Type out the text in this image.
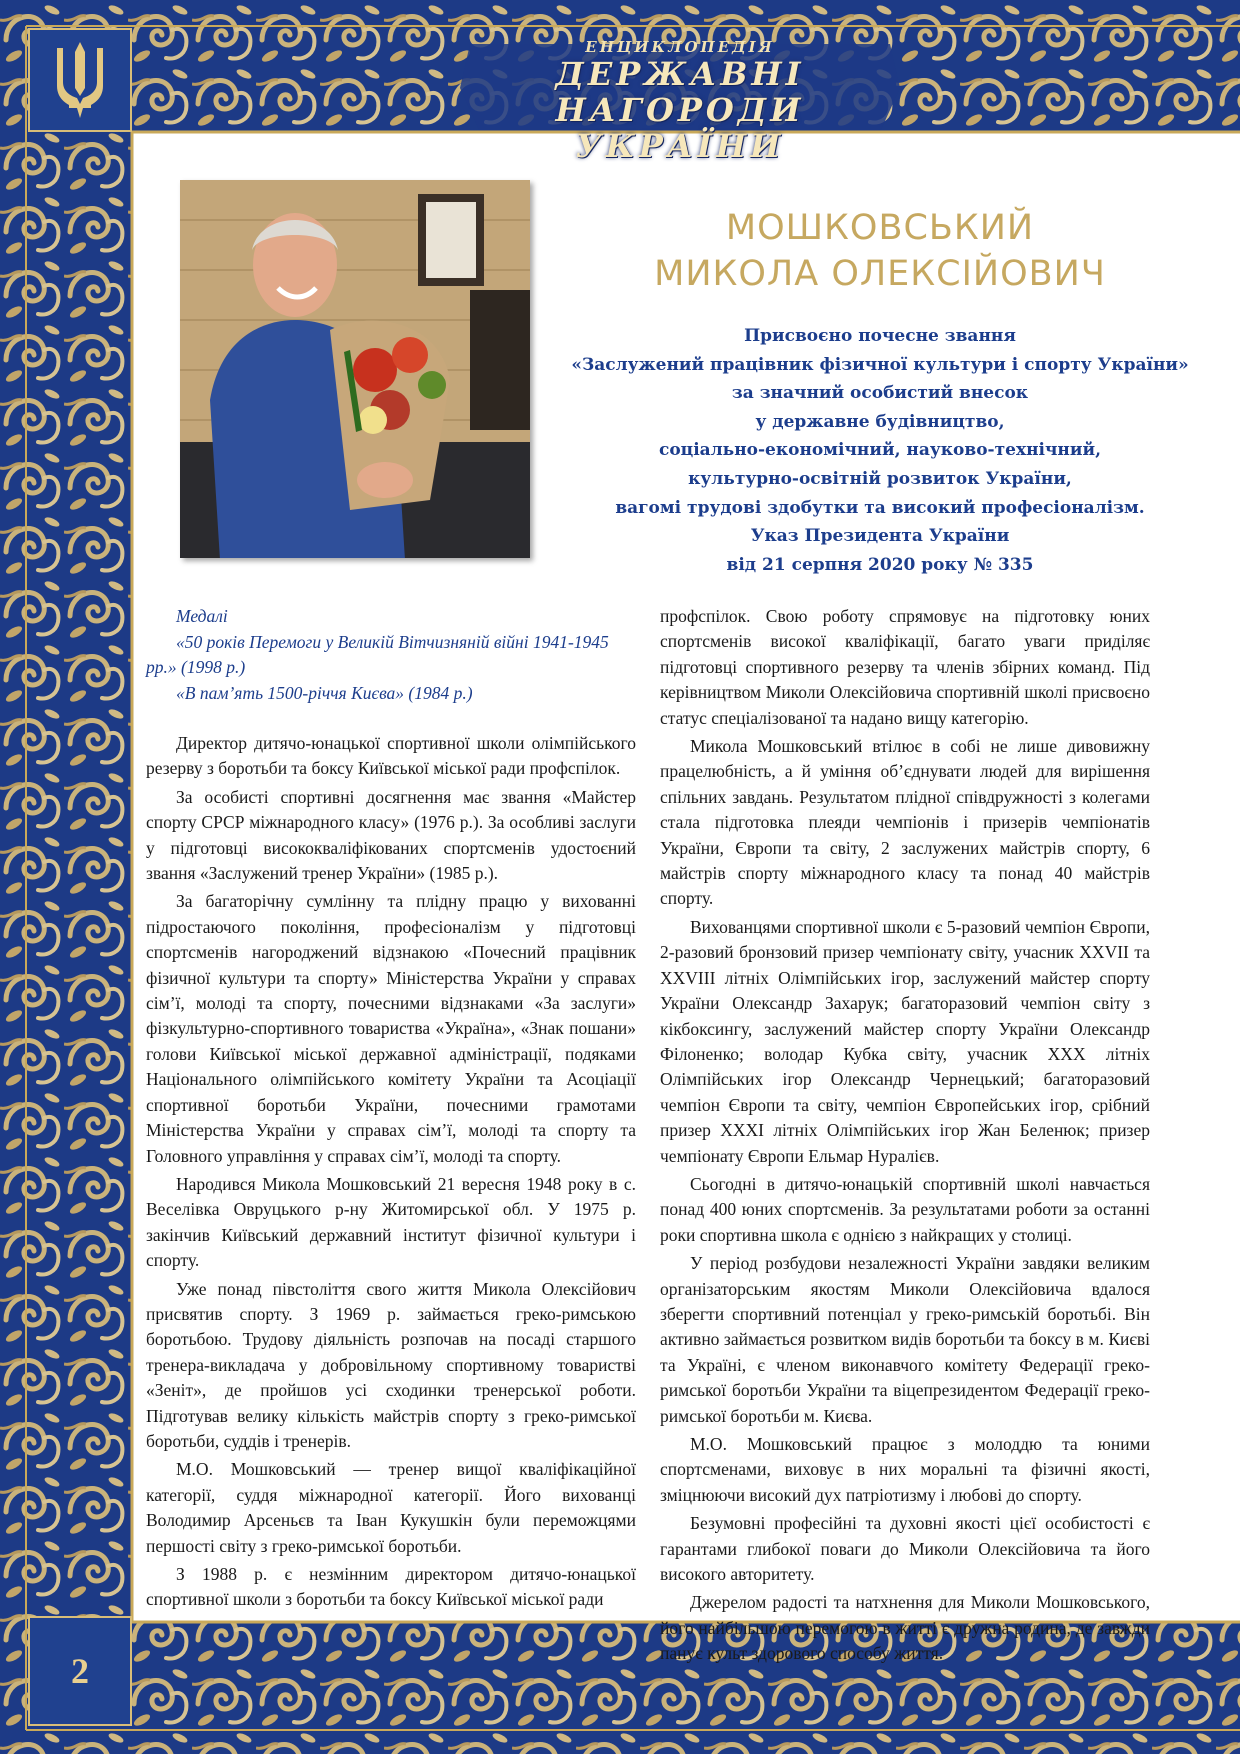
ЕНЦИКЛОПЕДІЯ
ДЕРЖАВНІ НАГОРОДИ
УКРАЇНИ
2
МОШКОВСЬКИЙ
МИКОЛА ОЛЕКСІЙОВИЧ
Присвоєно почесне звання
«Заслужений працівник фізичної культури і спорту України»
за значний особистий внесок
у державне будівництво,
соціально-економічний, науково-технічний,
культурно-освітній розвиток України,
вагомі трудові здобутки та високий професіоналізм.
Указ Президента України
від 21 серпня 2020 року № 335
Медалі
«50 років Перемоги у Великій Вітчизняній війні 1941-1945 рр.» (1998 р.)
«В пам’ять 1500-річчя Києва» (1984 р.)

Директор дитячо-юнацької спортивної школи олімпійського резерву з боротьби та боксу Київської міської ради профспілок.

За особисті спортивні досягнення має звання «Майстер спорту СРСР міжнародного класу» (1976 р.). За особливі заслуги у підготовці висококваліфікованих спортсменів удостоєний звання «Заслужений тренер України» (1985 р.).

За багаторічну сумлінну та плідну працю у вихованні підростаючого покоління, професіоналізм у підготовці спортсменів нагороджений відзнакою «Почесний працівник фізичної культури та спорту» Міністерства України у справах сім’ї, молоді та спорту, почесними відзнаками «За заслуги» фізкультурно-спортивного товариства «Україна», «Знак пошани» голови Київської міської державної адміністрації, подяками Національного олімпійського комітету України та Асоціації спортивної боротьби України, почесними грамотами Міністерства України у справах сім’ї, молоді та спорту та Головного управління у справах сім’ї, молоді та спорту.

Народився Микола Мошковський 21 вересня 1948 року в с. Веселівка Овруцького р-ну Житомирської обл. У 1975 р. закінчив Київський державний інститут фізичної культури і спорту.

Уже понад півстоліття свого життя Микола Олексійович присвятив спорту. З 1969 р. займається греко-римською боротьбою. Трудову діяльність розпочав на посаді старшого тренера-викладача у добровільному спортивному товаристві «Зеніт», де пройшов усі сходинки тренерської роботи. Підготував велику кількість майстрів спорту з греко-римської боротьби, суддів і тренерів.

М.О. Мошковський — тренер вищої кваліфікаційної категорії, суддя міжнародної категорії. Його вихованці Володимир Арсеньєв та Іван Кукушкін були переможцями першості світу з греко-римської боротьби.

З 1988 р. є незмінним директором дитячо-юнацької спортивної школи з боротьби та боксу Київської міської ради

профспілок. Свою роботу спрямовує на підготовку юних спортсменів високої кваліфікації, багато уваги приділяє підготовці спортивного резерву та членів збірних команд. Під керівництвом Миколи Олексійовича спортивній школі присвоєно статус спеціалізованої та надано вищу категорію.

Микола Мошковський втілює в собі не лише дивовижну працелюбність, а й уміння об’єднувати людей для вирішення спільних завдань. Результатом плідної співдружності з колегами стала підготовка плеяди чемпіонів і призерів чемпіонатів України, Європи та світу, 2 заслужених майстрів спорту, 6 майстрів спорту міжнародного класу та понад 40 майстрів спорту.

Вихованцями спортивної школи є 5-разовий чемпіон Європи, 2-разовий бронзовий призер чемпіонату світу, учасник XXVII та XXVIII літніх Олімпійських ігор, заслужений майстер спорту України Олександр Захарук; багаторазовий чемпіон світу з кікбоксингу, заслужений майстер спорту України Олександр Філоненко; володар Кубка світу, учасник XXX літніх Олімпійських ігор Олександр Чернецький; багаторазовий чемпіон Європи та світу, чемпіон Європейських ігор, срібний призер XXXI літніх Олімпійських ігор Жан Беленюк; призер чемпіонату Європи Ельмар Нуралієв.

Сьогодні в дитячо-юнацькій спортивній школі навчається понад 400 юних спортсменів. За результатами роботи за останні роки спортивна школа є однією з найкращих у столиці.

У період розбудови незалежності України завдяки великим організаторським якостям Миколи Олексійовича вдалося зберегти спортивний потенціал у греко-римській боротьбі. Він активно займається розвитком видів боротьби та боксу в м. Києві та Україні, є членом виконавчого комітету Федерації греко-римської боротьби України та віцепрезидентом Федерації греко-римської боротьби м. Києва.

М.О. Мошковський працює з молоддю та юними спортсменами, виховує в них моральні та фізичні якості, зміцнюючи високий дух патріотизму і любові до спорту.

Безумовні професійні та духовні якості цієї особистості є гарантами глибокої поваги до Миколи Олексійовича та його високого авторитету.

Джерелом радості та натхнення для Миколи Мошковського, його найбільшою перемогою в житті є дружна родина, де завжди панує культ здорового способу життя.
